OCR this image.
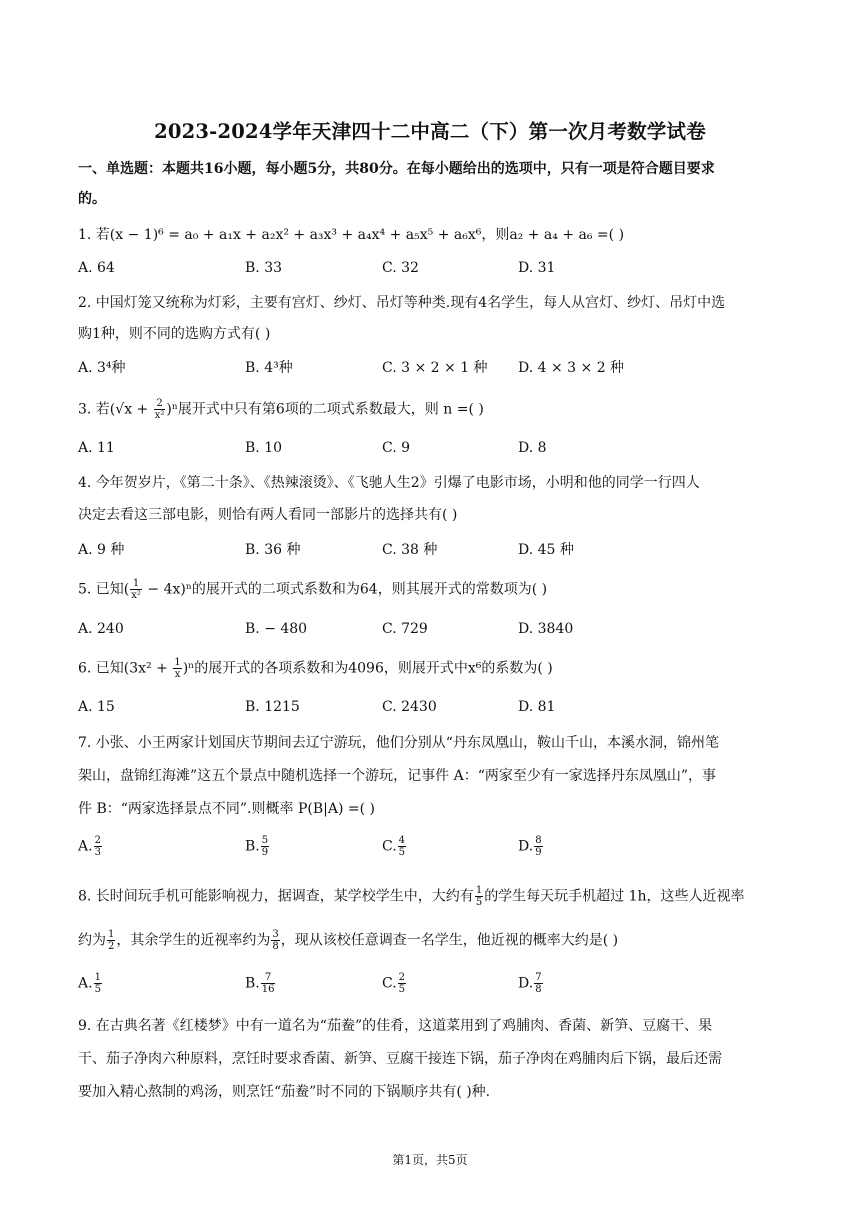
2023-2024学年天津四十二中高二（下）第一次月考数学试卷
一、单选题：本题共16小题，每小题5分，共80分。在每小题给出的选项中，只有一项是符合题目要求
的。
1. 若(x − 1)⁶ = a₀ + a₁x + a₂x² + a₃x³ + a₄x⁴ + a₅x⁵ + a₆x⁶，则a₂ + a₄ + a₆ =( )
A. 64	B. 33	C. 32	D. 31
2. 中国灯笼又统称为灯彩，主要有宫灯、纱灯、吊灯等种类.现有4名学生，每人从宫灯、纱灯、吊灯中选
购1种，则不同的选购方式有( )
A. 3⁴种	B. 4³种	C. 3 × 2 × 1 种 D. 4 × 3 × 2 种
3. 若$(√x + \frac{2}{\text{x²}} )^n$展开式中只有第6项的二项式系数最大，则 n =( )
A. 11	B. 10	C. 9	D. 8
4. 今年贺岁片，《第二十条》、《热辣滚烫》、《飞驰人生2》引爆了电影市场，小明和他的同学一行四人
决定去看这三部电影，则恰有两人看同一部影片的选择共有( )
A. 9 种	B. 36 种	C. 38 种	D. 45 种
5. 已知( $\frac{1}{\text{x²}} - 4x)^n$的展开式的二项式系数和为64，则其展开式的常数项为( )
A. 240	B. − 480	C. 729	D. 3840
6. 已知$(3x^2 + \frac{1}{x} )^n$的展开式的各项系数和为4096，则展开式中x⁶的系数为( )
A. 15	B. 1215	C. 2430	D. 81
7. 小张、小王两家计划国庆节期间去辽宁游玩，他们分别从“丹东凤凰山，鞍山千山，本溪水洞，锦州笔
架山，盘锦红海滩”这五个景点中随机选择一个游玩，记事件 A：“两家至少有一家选择丹东凤凰山”，事
件 B：“两家选择景点不同”.则概率 P(B|A) =( )
A. $\frac{2}{3}$	B. $\frac{5}{9}$	C. $\frac{4}{5}$	D. $\frac{8}{9}$
8. 长时间玩手机可能影响视力，据调查，某学校学生中，大约有 $\frac{1}{5}$ 的学生每天玩手机超过 1h，这些人近视率
约为 $\frac{1}{2}$ ，其余学生的近视率约为 $\frac{3}{8}$ ，现从该校任意调查一名学生，他近视的概率大约是( )
A. $\frac{1}{5}$	B. $\frac{7}{16}$	C. $\frac{2}{5}$	D. $\frac{7}{8}$
9. 在古典名著《红楼梦》中有一道名为“茄鲞”的佳肴，这道菜用到了鸡脯肉、香菌、新笋、豆腐干、果
干、茄子净肉六种原料，烹饪时要求香菌、新笋、豆腐干接连下锅，茄子净肉在鸡脯肉后下锅，最后还需
要加入精心熬制的鸡汤，则烹饪“茄鲞”时不同的下锅顺序共有( )种.
第1页，共5页
